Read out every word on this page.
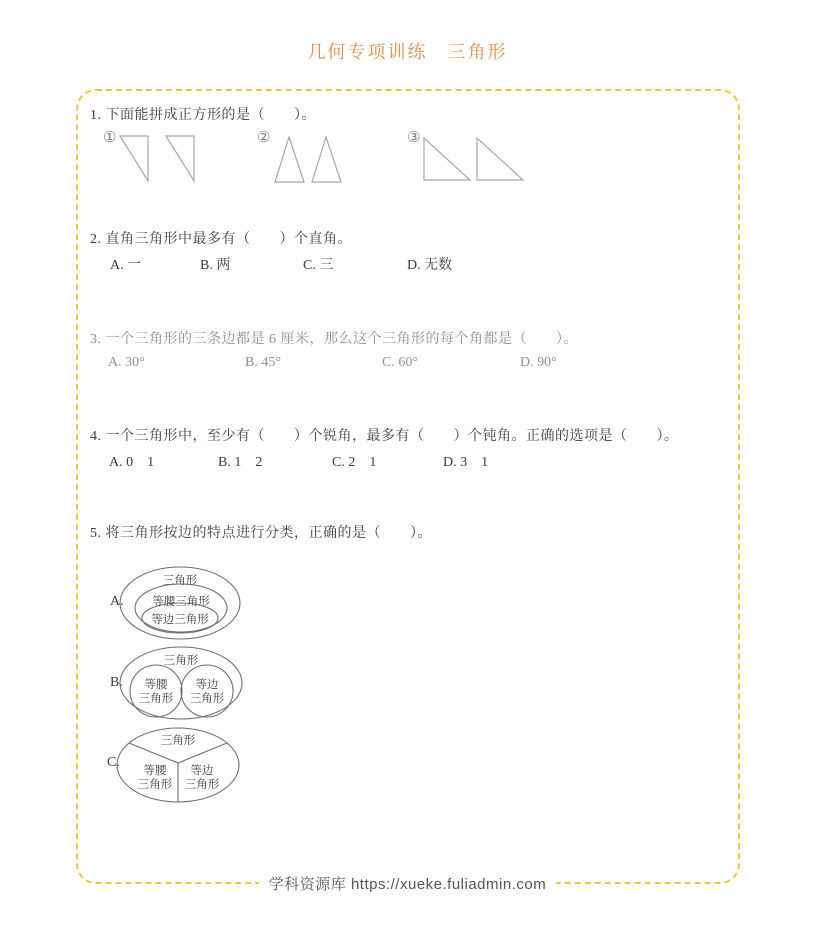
几何专项训练　三角形
1. 下面能拼成正方形的是（　　）。
①	②	③
2. 直角三角形中最多有（　　）个直角。
A. 一	B. 两	C. 三	D. 无数
3. 一个三角形的三条边都是 6 厘米，那么这个三角形的每个角都是（　　）。
A. 30°	B. 45°	C. 60°	D. 90°
4. 一个三角形中，至少有（　　）个锐角，最多有（　　）个钝角。正确的选项是（　　）。
A. 0　1	B. 1　2	C. 2　1	D. 3　1
5. 将三角形按边的特点进行分类，正确的是（　　）。
A.
三角形
等腰三角形
等边三角形
B.
三角形
等腰
三角形
等边
三角形
C.
三角形
等腰
三角形
等边
三角形
学科资源库 https://xueke.fuliadmin.com
